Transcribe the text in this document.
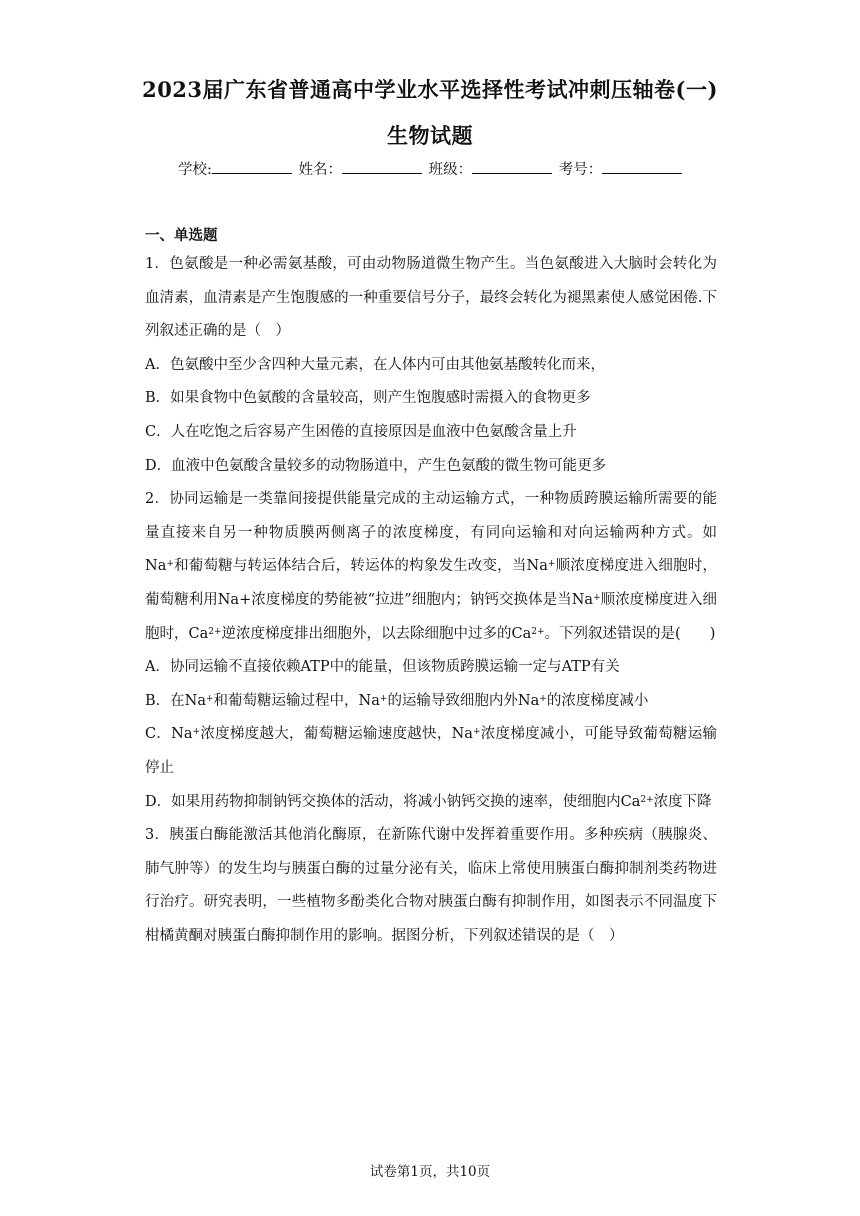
2023届广东省普通高中学业水平选择性考试冲刺压轴卷(一)
生物试题
学校:	姓名：	班级：	考号：
一、单选题

1．色氨酸是一种必需氨基酸，可由动物肠道微生物产生。当色氨酸进入大脑时会转化为血清素，血清素是产生饱腹感的一种重要信号分子，最终会转化为褪黑素使人感觉困倦.下列叙述正确的是（　）

A．色氨酸中至少含四种大量元素，在人体内可由其他氨基酸转化而来，

B．如果食物中色氨酸的含量较高，则产生饱腹感时需摄入的食物更多

C．人在吃饱之后容易产生困倦的直接原因是血液中色氨酸含量上升

D．血液中色氨酸含量较多的动物肠道中，产生色氨酸的微生物可能更多

2．协同运输是一类靠间接提供能量完成的主动运输方式，一种物质跨膜运输所需要的能量直接来自另一种物质膜两侧离子的浓度梯度，有同向运输和对向运输两种方式。如Na+和葡萄糖与转运体结合后，转运体的构象发生改变，当Na+顺浓度梯度进入细胞时，葡萄糖利用Na+浓度梯度的势能被“拉进”细胞内；钠钙交换体是当Na+顺浓度梯度进入细胞时，$Ca^{2+}$逆浓度梯度排出细胞外，以去除细胞中过多的$Ca^{2+}$。下列叙述错误的是(　　)

A．协同运输不直接依赖ATP中的能量，但该物质跨膜运输一定与ATP有关

B．在Na+和葡萄糖运输过程中，Na+的运输导致细胞内外Na+的浓度梯度减小

C．Na+浓度梯度越大，葡萄糖运输速度越快，Na+浓度梯度减小，可能导致葡萄糖运输停止

D．如果用药物抑制钠钙交换体的活动，将减小钠钙交换的速率，使细胞内$Ca^{2+}$浓度下降

3．胰蛋白酶能激活其他消化酶原，在新陈代谢中发挥着重要作用。多种疾病（胰腺炎、肺气肿等）的发生均与胰蛋白酶的过量分泌有关，临床上常使用胰蛋白酶抑制剂类药物进行治疗。研究表明，一些植物多酚类化合物对胰蛋白酶有抑制作用，如图表示不同温度下柑橘黄酮对胰蛋白酶抑制作用的影响。据图分析，下列叙述错误的是（　）

试卷第1页，共10页
